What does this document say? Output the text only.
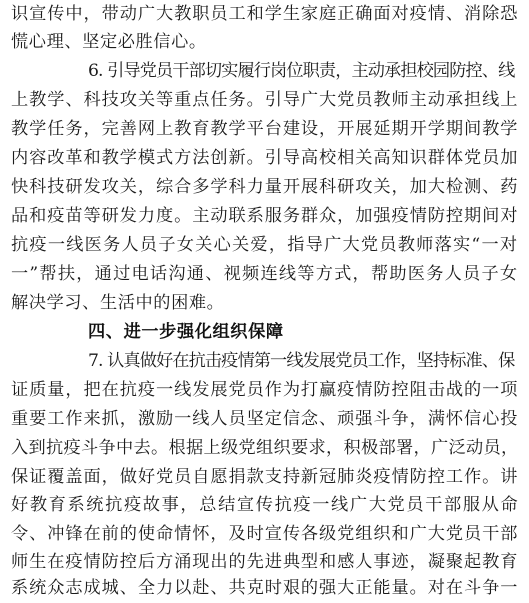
识宣传中，带动广大教职员工和学生家庭正确面对疫情、消除恐
慌心理、坚定必胜信心。
6. 引导党员干部切实履行岗位职责，主动承担校园防控、线
上教学、科技攻关等重点任务。引导广大党员教师主动承担线上
教学任务，完善网上教育教学平台建设，开展延期开学期间教学
内容改革和教学模式方法创新。引导高校相关高知识群体党员加
快科技研发攻关，综合多学科力量开展科研攻关，加大检测、药
品和疫苗等研发力度。主动联系服务群众，加强疫情防控期间对
抗疫一线医务人员子女关心关爱，指导广大党员教师落实“一对
一”帮扶，通过电话沟通、视频连线等方式，帮助医务人员子女
解决学习、生活中的困难。
四、进一步强化组织保障
7. 认真做好在抗击疫情第一线发展党员工作，坚持标准、保
证质量，把在抗疫一线发展党员作为打赢疫情防控阻击战的一项
重要工作来抓，激励一线人员坚定信念、顽强斗争，满怀信心投
入到抗疫斗争中去。根据上级党组织要求，积极部署，广泛动员，
保证覆盖面，做好党员自愿捐款支持新冠肺炎疫情防控工作。讲
好教育系统抗疫故事，总结宣传抗疫一线广大党员干部服从命
令、冲锋在前的使命情怀，及时宣传各级党组织和广大党员干部
师生在疫情防控后方涌现出的先进典型和感人事迹，凝聚起教育
系统众志成城、全力以赴、共克时艰的强大正能量。对在斗争一
